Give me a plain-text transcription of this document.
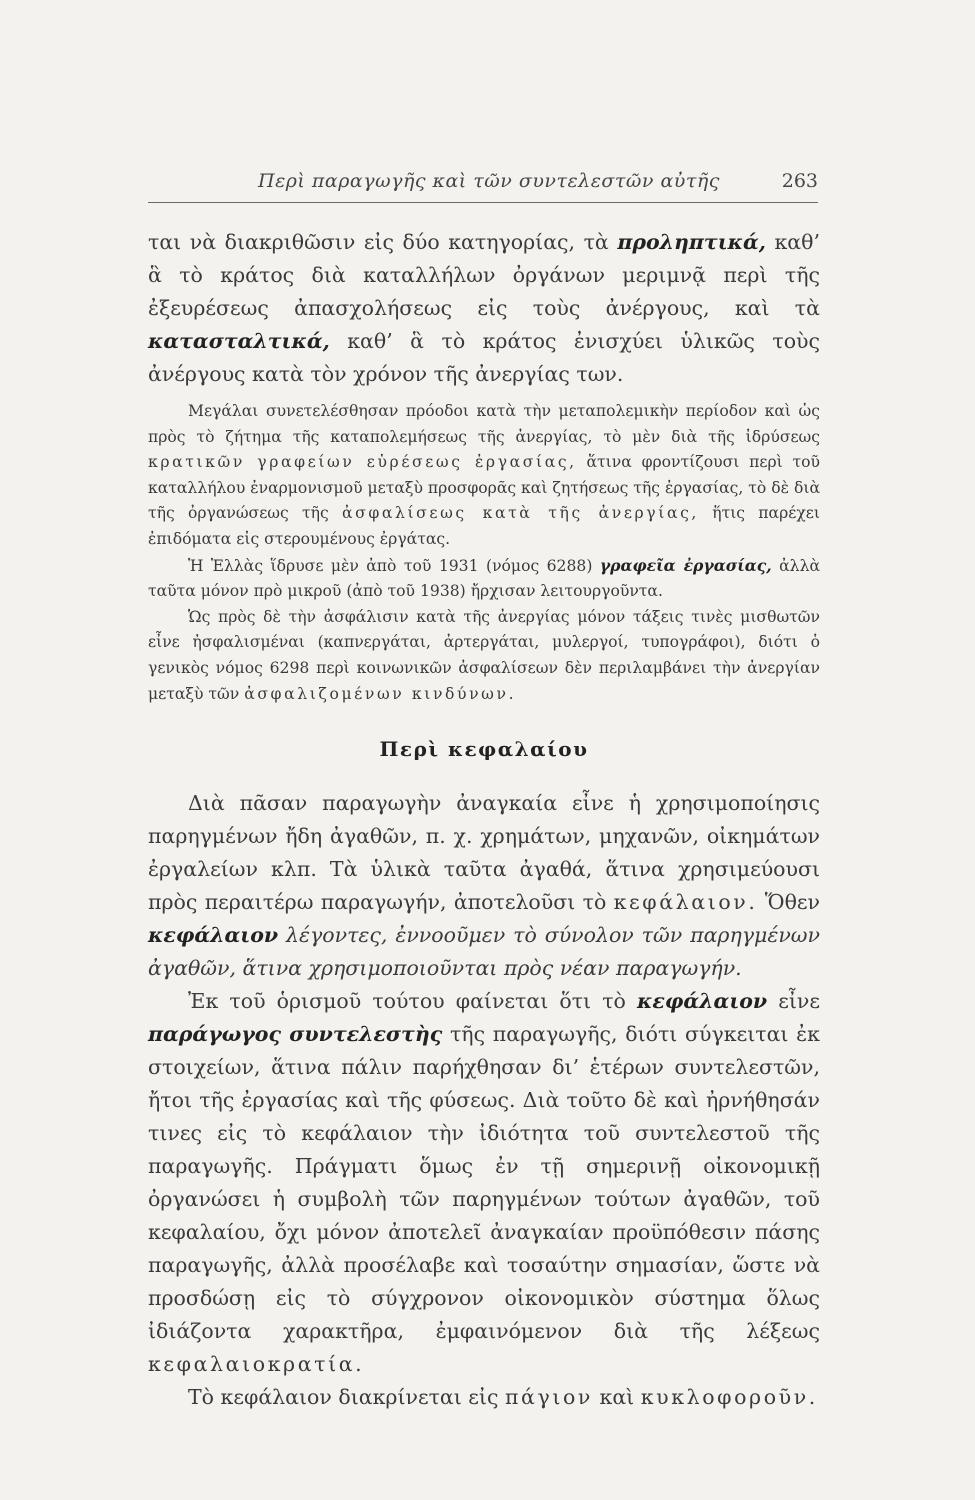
Περὶ παραγωγῆς καὶ τῶν συντελεστῶν αὐτῆς	263

ται νὰ διακριθῶσιν εἰς δύο κατηγορίας, τὰ προληπτικά, καθ’ ἃ τὸ κράτος διὰ καταλλήλων ὀργάνων μεριμνᾷ περὶ τῆς ἐξευρέσεως ἀπασχολήσεως εἰς τοὺς ἀνέργους, καὶ τὰ κατασταλτικά, καθ’ ἃ τὸ κράτος ἐνισχύει ὑλικῶς τοὺς ἀνέργους κατὰ τὸν χρόνον τῆς ἀνεργίας των.

Μεγάλαι συνετελέσθησαν πρόοδοι κατὰ τὴν μεταπολεμικὴν περίοδον καὶ ὡς πρὸς τὸ ζήτημα τῆς καταπολεμήσεως τῆς ἀνεργίας, τὸ μὲν διὰ τῆς ἱδρύσεως κρατικῶν γραφείων εὑρέσεως ἐργασίας, ἅτινα φροντίζουσι περὶ τοῦ καταλλήλου ἐναρμονισμοῦ μεταξὺ προσφορᾶς καὶ ζητήσεως τῆς ἐργασίας, τὸ δὲ διὰ τῆς ὀργανώσεως τῆς ἀσφαλίσεως κατὰ τῆς ἀνεργίας, ἥτις παρέχει ἐπιδόματα εἰς στερουμένους ἐργάτας.

Ἡ Ἑλλὰς ἵδρυσε μὲν ἀπὸ τοῦ 1931 (νόμος 6288) γραφεῖα ἐργασίας, ἀλλὰ ταῦτα μόνον πρὸ μικροῦ (ἀπὸ τοῦ 1938) ἤρχισαν λειτουργοῦντα.

Ὡς πρὸς δὲ τὴν ἀσφάλισιν κατὰ τῆς ἀνεργίας μόνον τάξεις τινὲς μισθωτῶν εἶνε ἠσφαλισμέναι (καπνεργάται, ἀρτεργάται, μυλεργοί, τυπογράφοι), διότι ὁ γενικὸς νόμος 6298 περὶ κοινωνικῶν ἀσφαλίσεων δὲν περιλαμβάνει τὴν ἀνεργίαν μεταξὺ τῶν ἀσφαλιζομένων κινδύνων.

Περὶ κεφαλαίου

Διὰ πᾶσαν παραγωγὴν ἀναγκαία εἶνε ἡ χρησιμοποίησις παρηγμένων ἤδη ἀγαθῶν, π. χ. χρημάτων, μηχανῶν, οἰκημάτων ἐργαλείων κλπ. Τὰ ὑλικὰ ταῦτα ἀγαθά, ἅτινα χρησιμεύουσι πρὸς περαιτέρω παραγωγήν, ἀποτελοῦσι τὸ κεφάλαιον. Ὅθεν κεφάλαιον λέγοντες, ἐννοοῦμεν τὸ σύνολον τῶν παρηγμένων ἀγαθῶν, ἅτινα χρησιμοποιοῦνται πρὸς νέαν παραγωγήν.

Ἐκ τοῦ ὁρισμοῦ τούτου φαίνεται ὅτι τὸ κεφάλαιον εἶνε παράγωγος συντελεστὴς τῆς παραγωγῆς, διότι σύγκειται ἐκ στοιχείων, ἅτινα πάλιν παρήχθησαν δι’ ἑτέρων συντελεστῶν, ἤτοι τῆς ἐργασίας καὶ τῆς φύσεως. Διὰ τοῦτο δὲ καὶ ἠρνήθησάν τινες εἰς τὸ κεφάλαιον τὴν ἰδιότητα τοῦ συντελεστοῦ τῆς παραγωγῆς. Πράγματι ὅμως ἐν τῇ σημερινῇ οἰκονομικῇ ὀργανώσει ἡ συμβολὴ τῶν παρηγμένων τούτων ἀγαθῶν, τοῦ κεφαλαίου, ὄχι μόνον ἀποτελεῖ ἀναγκαίαν προϋπόθεσιν πάσης παραγωγῆς, ἀλλὰ προσέλαβε καὶ τοσαύτην σημασίαν, ὥστε νὰ προσδώσῃ εἰς τὸ σύγχρονον οἰκονομικὸν σύστημα ὅλως ἰδιάζοντα χαρακτῆρα, ἐμφαινόμενον διὰ τῆς λέξεως κεφαλαιοκρατία.

Τὸ κεφάλαιον διακρίνεται εἰς πάγιον καὶ κυκλοφοροῦν.
